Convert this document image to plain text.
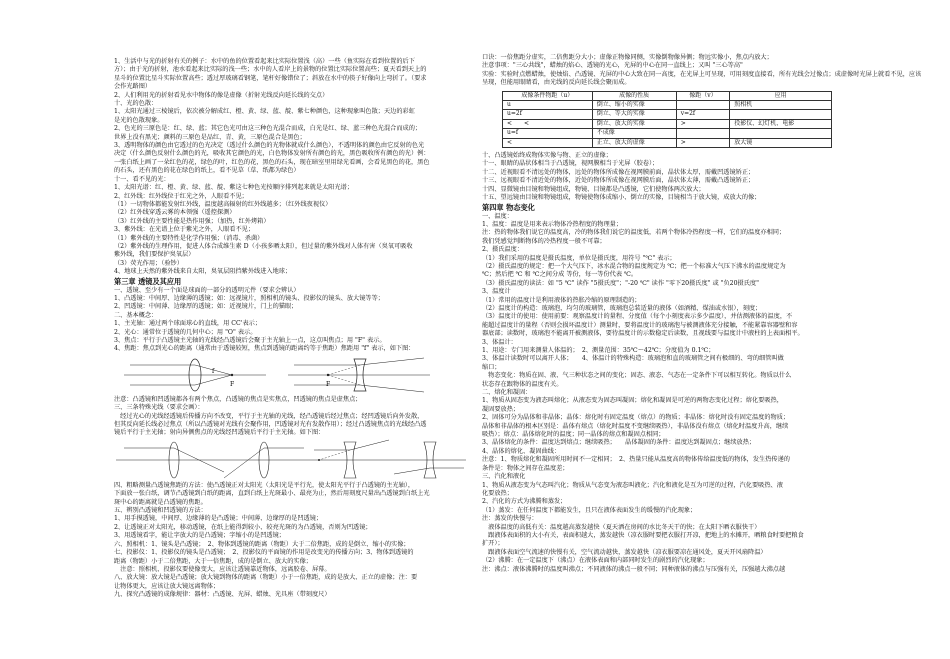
1、生活中与光的折射有关的例子：水中的鱼的位置看起来比实际位置浅（高）一些（鱼实际在看到位置的后下
方）；由于光的折射，池水看起来比实际的浅一些；水中的人看岸上的景物的位置比实际位置高些；夏天看到天上的
星斗的位置比星斗实际位置高些；透过厚玻璃看钢笔，笔杆好像错位了；斜放在水中的筷子好像向上弯折了。（要求
会作光路图）
2、人们利用光的折射看见水中物体的像是虚像（折射光线反向延长线的交点）
十、光的色散：
1、太阳光通过三棱镜后，依次被分解成红、橙、黄、绿、蓝、靛、紫七种颜色，这种现象叫色散；天边的彩虹
是光的色散现象。
2、色光的三原色是：红、绿、蓝；其它色光可由这三种色光混合而成，白光是红、绿、蓝三种色光混合而成的；
世界上没有黑光；颜料的三原色是品红、青、黄，三原色混合是黑色；
3、透明物体的颜色由它透过的色光决定（透过什么颜色的光物体就成什么颜色），不透明体的颜色由它反射的色光
决定（什么颜色反射什么颜色的光，吸收其它颜色的光，白色物体发射所有颜色的光，黑色吸收所有颜色的光）例：
一张白纸上画了一朵红色的花，绿色的叶，红色的花，黑色的石头，现在暗室里用绿光看画，会看见黑色的花，黑色
的石头，还有黑色的花在绿色的纸上，看不见草（草、纸都为绿色）
十一、看不见的光：
1、太阳光谱：红、橙、黄、绿、蓝、靛、紫这七种色光按顺序排列起来就是太阳光谱；
2、红外线：红外线位于红光之外，人眼看不见；
（1）一切物体都能发射红外线，温度越高辐射的红外线越多；（红外线夜视仪）
（2）红外线穿透云雾的本领强（遥控探测）
（3）红外线的主要性能是热作用强；（加热，红外烤箱）
3、紫外线：在光谱上位于紫光之外，人眼看不见；
（1）紫外线的主要特性是化学作用强；（消毒、杀菌）
（2）紫外线的生理作用，促进人体合成维生素 D（小孩多晒太阳），但过量的紫外线对人体有害（臭氧可吸收
紫外线，我们要保护臭氧层）
（3）荧光作用；（验钞）
4、地球上天然的紫外线来自太阳，臭氧层阻挡紫外线进入地球；
第三章 透镜及其应用
一、透镜、至少有一个面是球面的一部分的透明元件（要求会辨认）
1、凸透镜：中间厚、边缘薄的透镜；如：远视镜片，照相机的镜头、投影仪的镜头、放大镜等等；
2、凹透镜：中间薄、边缘厚的透镜；如：近视镜片，门上的猫眼；
二、基本概念：
1、主光轴：通过两个球面球心的直线，用 CC'表示；
2、光心：通常位于透镜的几何中心；用 "O" 表示。
3、焦点：平行于凸透镜主光轴的光线经凸透镜后会聚于主光轴上一点，这点叫焦点；用 "F" 表示。
4、焦距：焦点到光心的距离（通常由于透镜较短，焦点到透镜的距离约等于焦距）焦距用 "f" 表示，如下图：
F
f
F
注意：凸透镜和凹透镜都各有两个焦点，凸透镜的焦点是实焦点，凹透镜的焦点是虚焦点；
三、三条特殊光线（要求会画）：
　经过光心的光线经透镜后传播方向不改变，平行于主光轴的光线，经凸透镜后经过焦点；经凹透镜后向外发散，
但其反向延长线必过焦点（所以凸透镜对光线有会聚作用，凹透镜对光有发散作用）；经过凸透镜焦点的光线经凸透
镜后平行于主光轴；射向异侧焦点的光线经凹透镜后平行于主光轴。如下图：
四、粗略测量凸透镜焦距的方法：使凸透镜正对太阳光（太阳光是平行光，使太阳光平行于凸透镜的主光轴），
下面放一张白纸，调节凸透镜到白纸的距离，直到白纸上光斑最小、最亮为止，然后用刻度尺量出凸透镜到白纸上光
斑中心的距离就是凸透镜的焦距。
五、辨别凸透镜和凹透镜的方法：
1、用手摸透镜，中间厚、边缘薄的是凸透镜；中间薄、边缘厚的是凹透镜；
2、让透镜正对太阳光，移动透镜，在纸上能得到较小、较亮光斑的为凸透镜，否则为凹透镜；
3、用透镜看字，能让字放大的是凸透镜；字缩小的是凹透镜；
六、照相机：1、镜头是凸透镜；　2、物体到透镜的距离（物距）大于二倍焦距，成的是倒立、缩小的实像；
七、投影仪：1、投影仪的镜头是凸透镜；　2、投影仪的平面镜的作用是改变光的传播方向；3、物体到透镜的
距离（物距）小于二倍焦距，大于一倍焦距，成的是倒立、放大的实像；
　注意：照相机、投影仪要使像变大，应该让透镜靠近物体，远离胶卷、屏幕。
八、放大镜：放大镜是凸透镜；放大镜到物体的距离（物距）小于一倍焦距，成的是放大、正立的虚像；注：要
让物体更大，应该让放大镜远离物体；
九、探究凸透镜的成像规律：器材：凸透镜、光屏、蜡烛、光具座（带刻度尺）
口诀：一倍焦距分虚实，二倍焦距分大小；虚像正物像同侧，实像倒物像异侧；物远实像小，焦点内放大；
注意事项："三心共线"，蜡烛的焰心、透镜的光心，光屏的中心在同一直线上；又叫 "三心等高"
实验：实验时点燃蜡烛，使烛焰、凸透镜、光屏的中心大致在同一高度，在光屏上可呈现，可用刻度直接看，所有光线会过像点；成虚像时光屏上就看不见，应该
呈现，但能用眼睛看，由光线的反向延长线会聚而成。
成像条件物距（u）	成像的性质	像距（v）	应用
u	倒立、缩小的实像		照相机
u=2f	倒立、等大的实像	v=2f	
<　　<	倒立、放大的实像	>	投影仪、幻灯机、电影
u=f	不成像		
<	正立、放大的虚像	>	放大镜
十、凸透镜始终成物体实像与物、正立的虚像；
十一、眼睛的晶状体相当于凸透镜，视网膜相当于光屏（胶卷）；
十二、近视眼看不清远处的物体，远处的物体所成像在视网膜前面，晶状体太厚，需戴凹透镜矫正；
十三、远视眼看不清近处的物体，近处的物体所成像在视网膜后面，晶状体太薄，需戴凸透镜矫正；
十四、显微镜由目镜和物镜组成，物镜、目镜都是凸透镜，它们使物体两次放大；
十五、望远镜由目镜和物镜组成，物镜使物体成缩小、倒立的实像，目镜相当于放大镜，成放大的像；
第四章 物态变化
一、温度：
1、温度：温度是用来表示物体冷热程度的物理量；
注：热的物体我们说它的温度高，冷的物体我们说它的温度低，若两个物体冷热程度一样，它们的温度亦相同；
我们凭感觉判断物体的冷热程度一般不可靠；
2、摄氏温度：
（1）我们采用的温度是摄氏温度，单位是摄氏度，用符号 "℃" 表示；
（2）摄氏温度的规定：把一个大气压下，冰水混合物的温度规定为 ℃；把一个标准大气压下沸水的温度规定为
℃；然后把 ℃ 和 ℃之间分成 等份，每一等份代表 ℃。
（3）摄氏温度的读法：如 "5 ℃" 读作 "5摄氏度"；"-20 ℃" 读作 "零下20摄氏度" 或 "负20摄氏度"
3、温度计
（1）常用的温度计是利用液体的热胀冷缩的原理制造的；
（2）温度计的构造：玻璃泡，均匀的玻璃管，玻璃泡总装适量的液体（如酒精、煤油或水银），刻度；
（3）温度计的使用：使用前要：观察温度计的量程、分度值（每个小刻度表示多少温度），并估测液体的温度，不
能超过温度计的量程（否则会损坏温度计）测量时，要将温度计的玻璃泡与被测液体充分接触，不能紧靠容器壁和容
器底部；读数时，玻璃泡不能离开被测液体，要待温度计的示数稳定后读数，且视线要与温度计中液柱的上表面相平。
3、体温计：
1、用途：专门用来测量人体温的；　2、测量范围：35℃～42℃；分度值为 0.1℃；
3、体温计读数时可以离开人体；　　4、体温计的特殊构造：玻璃泡和直的玻璃管之间有极细的、弯的细管叫做
缩口；
　物态变化：物质在固、液、气三种状态之间的变化；固态、液态、气态在一定条件下可以相互转化。物质以什么
状态存在跟物体的温度有关。
二、熔化和凝固：
1、物质从固态变为液态叫熔化；从液态变为固态叫凝固；熔化和凝固是可逆的两物态变化过程；熔化要吸热，
凝固要放热；
2、固体可分为晶体和非晶体；晶体：熔化时有固定温度（熔点）的物质；非晶体：熔化时没有固定温度的物质；
晶体和非晶体的根本区别是：晶体有熔点（熔化时温度不变继续吸热），非晶体没有熔点（熔化时温度升高，继续
吸热）；熔点：晶体熔化时的温度；同一晶体的熔点和凝固点相同；
3、晶体熔化的条件：温度达到熔点；继续吸热；　　晶体凝固的条件：温度达到凝固点；继续放热；
4、晶体的熔化、凝固曲线：
注意：1、物质熔化和凝固所用时间不一定相同；　2、热量只能从温度高的物体传给温度低的物体，发生热传递的
条件是：物体之间存在温度差；
三、汽化和液化
1、物质从液态变为气态叫汽化；物质从气态变为液态叫液化；汽化和液化是互为可逆的过程，汽化要吸热、液
化要放热；
2、汽化的方式为沸腾和蒸发；
（1）蒸发：在任何温度下都能发生，且只在液体表面发生的缓慢的汽化现象；
注：蒸发的快慢与：
　液体温度的高低有关：温度越高蒸发越快（夏天洒在房间的水比冬天干的快；在太阳下晒衣服快干）
　跟液体表面积的大小有关，表面积越大，蒸发越快（凉衣服时要把衣服打开凉，把地上的水摊开，晒粮食时要把粮食
扩开）；
　跟液体表面空气流速的快慢有关，空气流动越快，蒸发越快（凉衣服要凉在通风处，夏天开风扇降温）
（2）沸腾：在一定温度下（沸点）在液体表面和内部同时发生的剧烈的汽化现象；
注：沸点：液体沸腾时的温度叫沸点；不同液体的沸点一般不同；同种液体的沸点与压强有关，压强越大沸点越
